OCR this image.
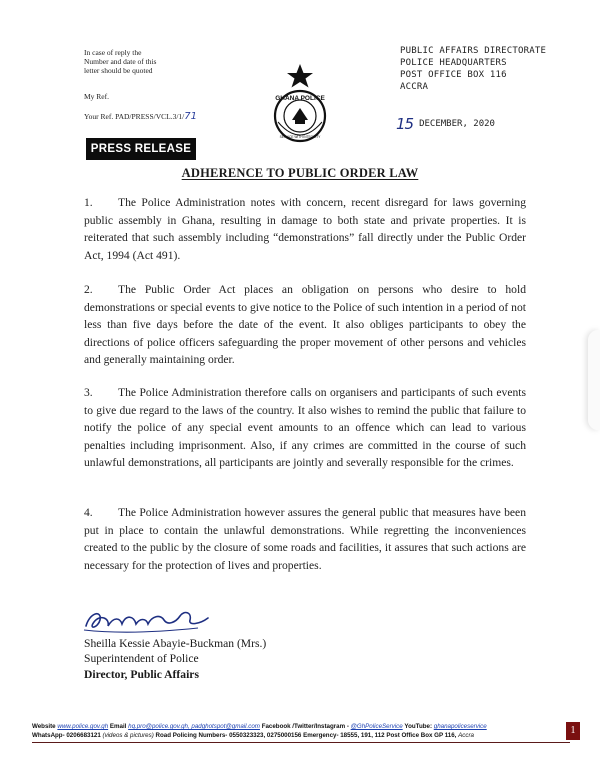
In case of reply the Number and date of this letter should be quoted
My Ref.
Your Ref. PAD/PRESS/VCL.3/1/71
GHANA POLICE
SERVICE WITH INTEGRITY
PUBLIC AFFAIRS DIRECTORATE
POLICE HEADQUARTERS
POST OFFICE BOX 116
ACCRA
15 DECEMBER, 2020
PRESS RELEASE
ADHERENCE TO PUBLIC ORDER LAW
1. The Police Administration notes with concern, recent disregard for laws governing public assembly in Ghana, resulting in damage to both state and private properties. It is reiterated that such assembly including “demonstrations” fall directly under the Public Order Act, 1994 (Act 491).
2. The Public Order Act places an obligation on persons who desire to hold demonstrations or special events to give notice to the Police of such intention in a period of not less than five days before the date of the event. It also obliges participants to obey the directions of police officers safeguarding the proper movement of other persons and vehicles and generally maintaining order.
3. The Police Administration therefore calls on organisers and participants of such events to give due regard to the laws of the country. It also wishes to remind the public that failure to notify the police of any special event amounts to an offence which can lead to various penalties including imprisonment. Also, if any crimes are committed in the course of such unlawful demonstrations, all participants are jointly and severally responsible for the crimes.
4. The Police Administration however assures the general public that measures have been put in place to contain the unlawful demonstrations. While regretting the inconveniences created to the public by the closure of some roads and facilities, it assures that such actions are necessary for the protection of lives and properties.
Sheilla Kessie Abayie-Buckman (Mrs.)
Superintendent of Police
Director, Public Affairs
Website www.police.gov.gh Email hq.pro@police.gov.gh, padghotspot@gmail.com Facebook /Twitter/Instagram - @GhPoliceService YouTube: ghanapoliceservice
WhatsApp- 0206683121 (videos & pictures) Road Policing Numbers- 0550323323, 0275000156 Emergency- 18555, 191, 112 Post Office Box GP 116, Accra	1
